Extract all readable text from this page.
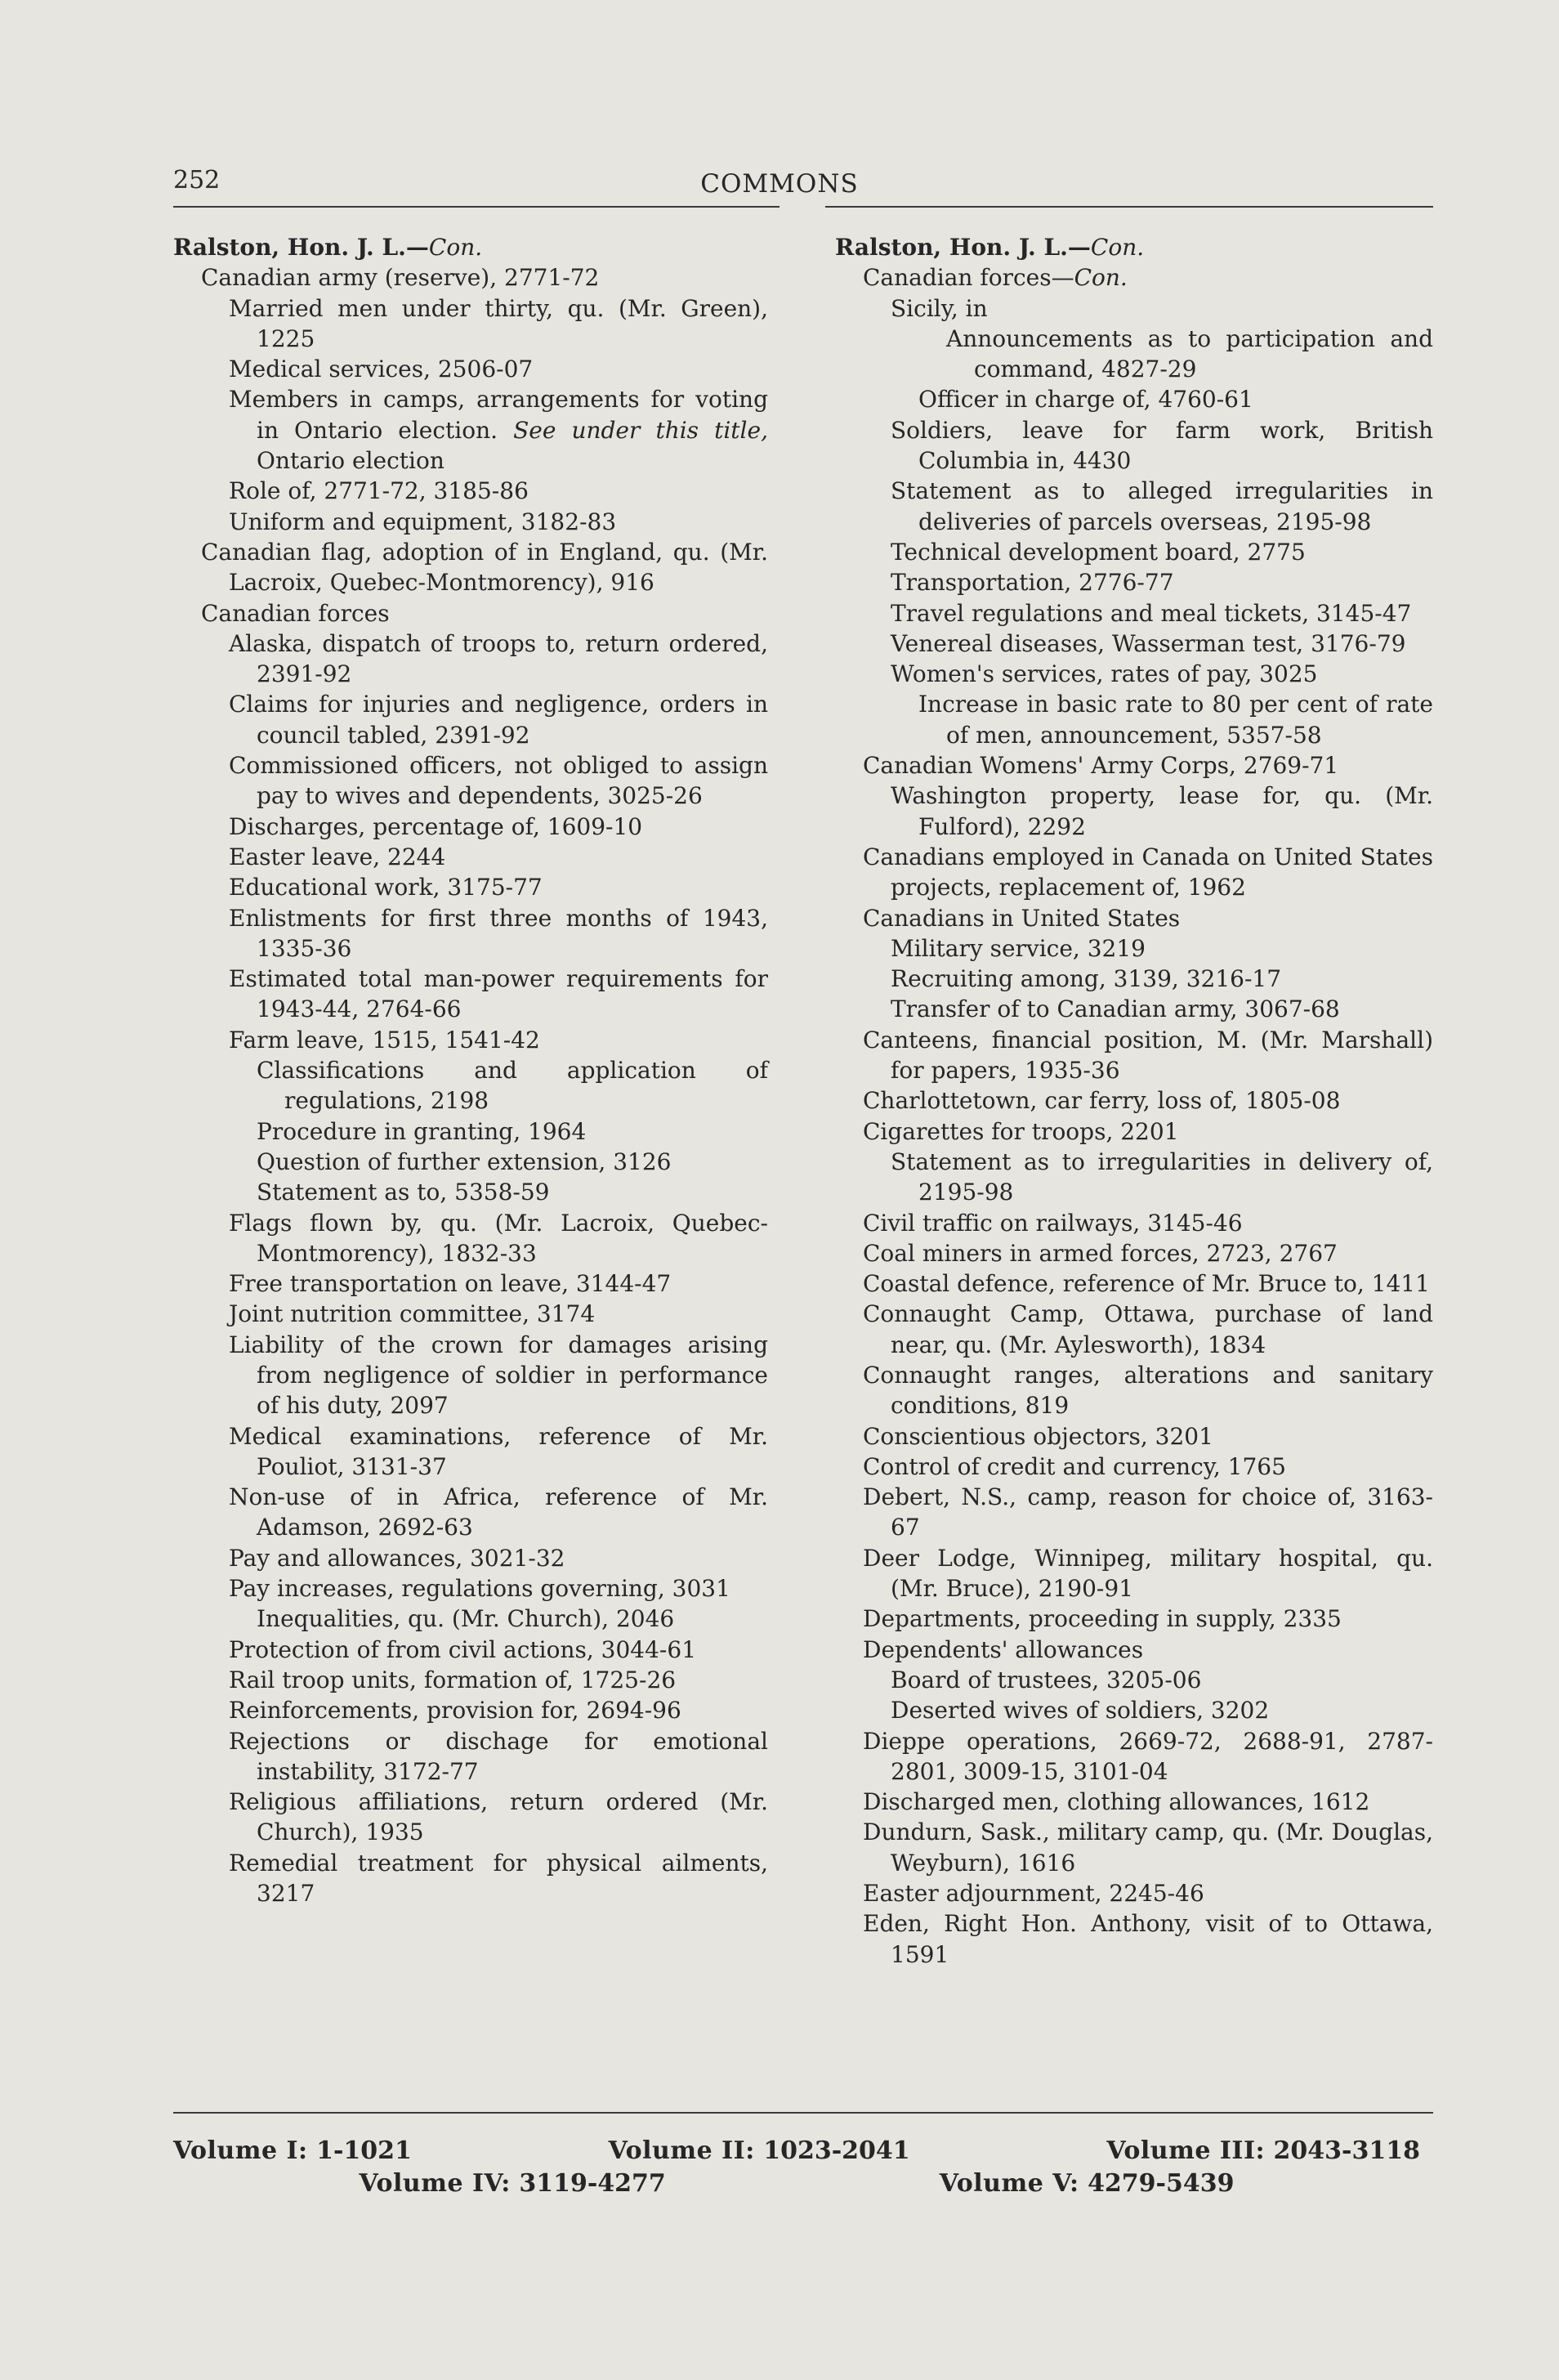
252	COMMONS

Ralston, Hon. J. L.—Con.

Canadian army (reserve), 2771-72

Married men under thirty, qu. (Mr. Green), 1225

Medical services, 2506-07

Members in camps, arrangements for voting in Ontario election. See under this title, Ontario election

Role of, 2771-72, 3185-86

Uniform and equipment, 3182-83

Canadian flag, adoption of in England, qu. (Mr. Lacroix, Quebec-Montmorency), 916

Canadian forces

Alaska, dispatch of troops to, return ordered, 2391-92

Claims for injuries and negligence, orders in council tabled, 2391-92

Commissioned officers, not obliged to assign pay to wives and dependents, 3025-26

Discharges, percentage of, 1609-10

Easter leave, 2244

Educational work, 3175-77

Enlistments for first three months of 1943, 1335-36

Estimated total man-power requirements for 1943-44, 2764-66

Farm leave, 1515, 1541-42

Classifications and application of regulations, 2198

Procedure in granting, 1964

Question of further extension, 3126

Statement as to, 5358-59

Flags flown by, qu. (Mr. Lacroix, Quebec-Montmorency), 1832-33

Free transportation on leave, 3144-47

Joint nutrition committee, 3174

Liability of the crown for damages arising from negligence of soldier in performance of his duty, 2097

Medical examinations, reference of Mr. Pouliot, 3131-37

Non-use of in Africa, reference of Mr. Adamson, 2692-63

Pay and allowances, 3021-32

Pay increases, regulations governing, 3031

Inequalities, qu. (Mr. Church), 2046

Protection of from civil actions, 3044-61

Rail troop units, formation of, 1725-26

Reinforcements, provision for, 2694-96

Rejections or dischage for emotional instability, 3172-77

Religious affiliations, return ordered (Mr. Church), 1935

Remedial treatment for physical ailments, 3217

Ralston, Hon. J. L.—Con.

Canadian forces—Con.

Sicily, in

Announcements as to participation and command, 4827-29

Officer in charge of, 4760-61

Soldiers, leave for farm work, British Columbia in, 4430

Statement as to alleged irregularities in deliveries of parcels overseas, 2195-98

Technical development board, 2775

Transportation, 2776-77

Travel regulations and meal tickets, 3145-47

Venereal diseases, Wasserman test, 3176-79

Women's services, rates of pay, 3025

Increase in basic rate to 80 per cent of rate of men, announcement, 5357-58

Canadian Womens' Army Corps, 2769-71

Washington property, lease for, qu. (Mr. Fulford), 2292

Canadians employed in Canada on United States projects, replacement of, 1962

Canadians in United States

Military service, 3219

Recruiting among, 3139, 3216-17

Transfer of to Canadian army, 3067-68

Canteens, financial position, M. (Mr. Marshall) for papers, 1935-36

Charlottetown, car ferry, loss of, 1805-08

Cigarettes for troops, 2201

Statement as to irregularities in delivery of, 2195-98

Civil traffic on railways, 3145-46

Coal miners in armed forces, 2723, 2767

Coastal defence, reference of Mr. Bruce to, 1411

Connaught Camp, Ottawa, purchase of land near, qu. (Mr. Aylesworth), 1834

Connaught ranges, alterations and sanitary conditions, 819

Conscientious objectors, 3201

Control of credit and currency, 1765

Debert, N.S., camp, reason for choice of, 3163-67

Deer Lodge, Winnipeg, military hospital, qu. (Mr. Bruce), 2190-91

Departments, proceeding in supply, 2335

Dependents' allowances

Board of trustees, 3205-06

Deserted wives of soldiers, 3202

Dieppe operations, 2669-72, 2688-91, 2787-2801, 3009-15, 3101-04

Discharged men, clothing allowances, 1612

Dundurn, Sask., military camp, qu. (Mr. Douglas, Weyburn), 1616

Easter adjournment, 2245-46

Eden, Right Hon. Anthony, visit of to Ottawa, 1591

Volume I: 1-1021	Volume II: 1023-2041	Volume III: 2043-3118
Volume IV: 3119-4277	Volume V: 4279-5439
